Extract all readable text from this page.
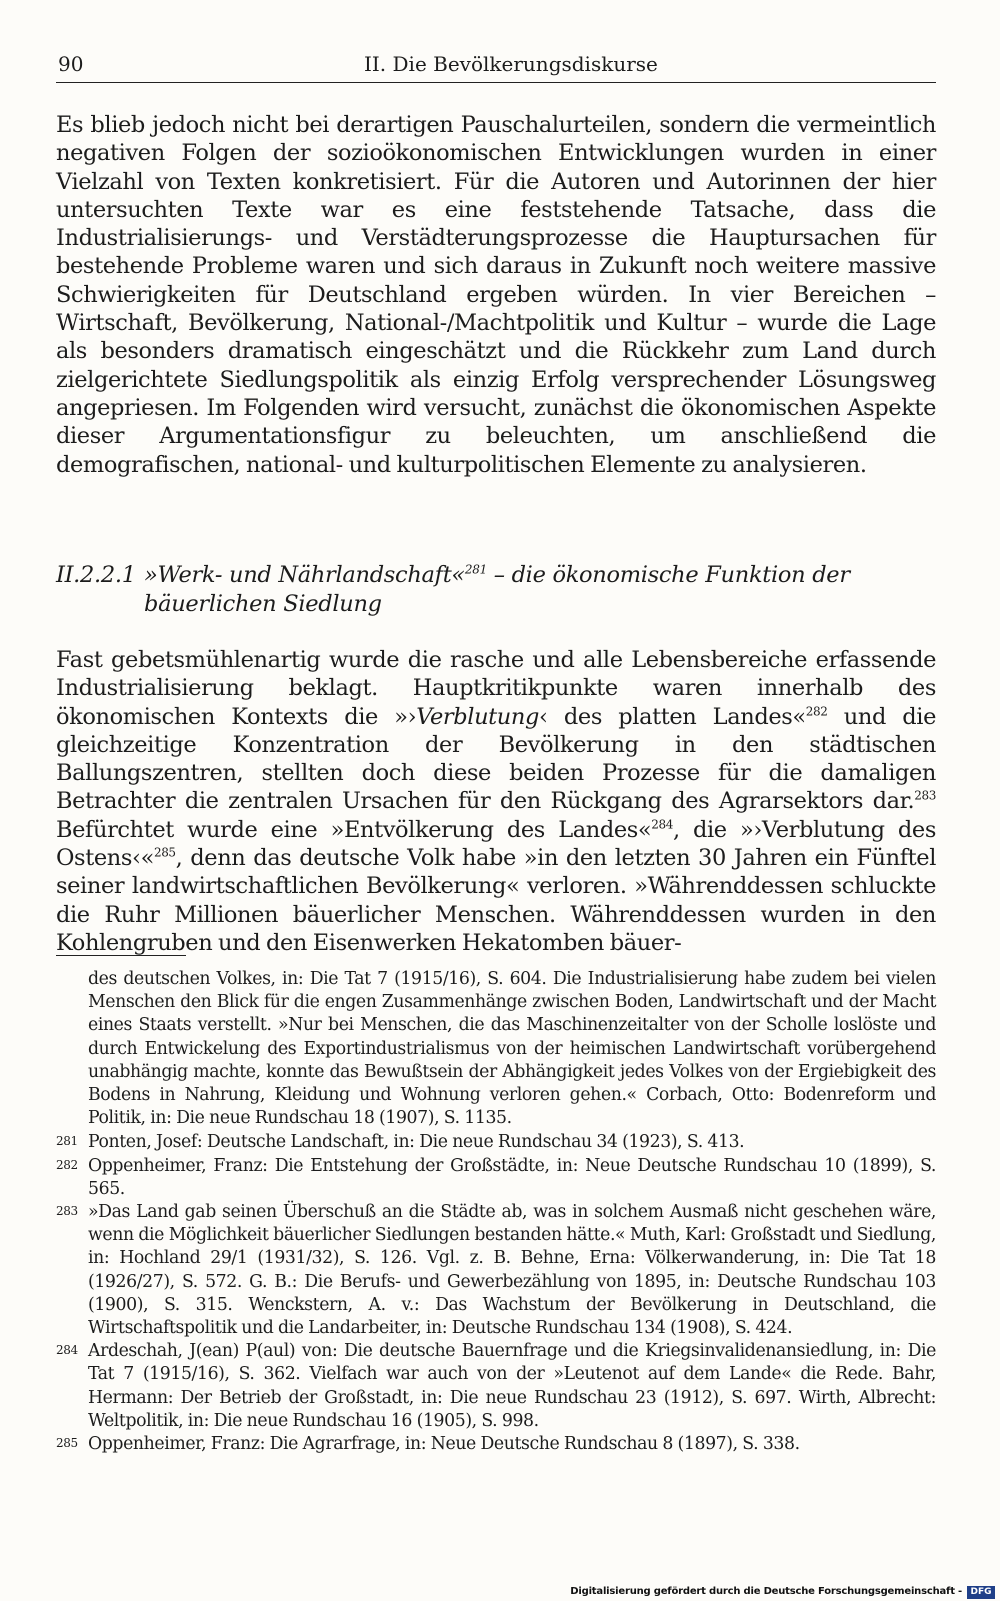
90	II. Die Bevölkerungsdiskurse

Es blieb jedoch nicht bei derartigen Pauschalurteilen, sondern die vermeintlich negativen Folgen der sozioökonomischen Entwicklungen wurden in einer Vielzahl von Texten konkretisiert. Für die Autoren und Autorinnen der hier untersuchten Texte war es eine feststehende Tatsache, dass die Industrialisierungs- und Verstädterungsprozesse die Hauptursachen für bestehende Probleme waren und sich daraus in Zukunft noch weitere massive Schwierigkeiten für Deutschland ergeben würden. In vier Bereichen – Wirtschaft, Bevölkerung, National-/Machtpolitik und Kultur – wurde die Lage als besonders dramatisch eingeschätzt und die Rückkehr zum Land durch zielgerichtete Siedlungspolitik als einzig Erfolg versprechender Lösungsweg angepriesen. Im Folgenden wird versucht, zunächst die ökonomischen Aspekte dieser Argumentationsfigur zu beleuchten, um anschließend die demografischen, national- und kulturpolitischen Elemente zu analysieren.

II.2.2.1 »Werk- und Nährlandschaft«$^{281}$ – die ökonomische Funktion der bäuerlichen Siedlung

Fast gebetsmühlenartig wurde die rasche und alle Lebensbereiche erfassende Industrialisierung beklagt. Hauptkritikpunkte waren innerhalb des ökonomischen Kontexts die »›Verblutung‹ des platten Landes«$^{282}$ und die gleichzeitige Konzentration der Bevölkerung in den städtischen Ballungszentren, stellten doch diese beiden Prozesse für die damaligen Betrachter die zentralen Ursachen für den Rückgang des Agrarsektors dar.$^{283}$ Befürchtet wurde eine »Entvölkerung des Landes«$^{284}$, die »›Verblutung des Ostens‹«$^{285}$, denn das deutsche Volk habe »in den letzten 30 Jahren ein Fünftel seiner landwirtschaftlichen Bevölkerung« verloren. »Währenddessen schluckte die Ruhr Millionen bäuerlicher Menschen. Währenddessen wurden in den Kohlengruben und den Eisenwerken Hekatomben bäuer-

des deutschen Volkes, in: Die Tat 7 (1915/16), S. 604. Die Industrialisierung habe zudem bei vielen Menschen den Blick für die engen Zusammenhänge zwischen Boden, Landwirtschaft und der Macht eines Staats verstellt. »Nur bei Menschen, die das Maschinenzeitalter von der Scholle loslöste und durch Entwickelung des Exportindustrialismus von der heimischen Landwirtschaft vorübergehend unabhängig machte, konnte das Bewußtsein der Abhängigkeit jedes Volkes von der Ergiebigkeit des Bodens in Nahrung, Kleidung und Wohnung verloren gehen.« Corbach, Otto: Bodenreform und Politik, in: Die neue Rundschau 18 (1907), S. 1135.
281 Ponten, Josef: Deutsche Landschaft, in: Die neue Rundschau 34 (1923), S. 413.
282 Oppenheimer, Franz: Die Entstehung der Großstädte, in: Neue Deutsche Rundschau 10 (1899), S. 565.
283 »Das Land gab seinen Überschuß an die Städte ab, was in solchem Ausmaß nicht geschehen wäre, wenn die Möglichkeit bäuerlicher Siedlungen bestanden hätte.« Muth, Karl: Großstadt und Siedlung, in: Hochland 29/1 (1931/32), S. 126. Vgl. z. B. Behne, Erna: Völkerwanderung, in: Die Tat 18 (1926/27), S. 572. G. B.: Die Berufs- und Gewerbezählung von 1895, in: Deutsche Rundschau 103 (1900), S. 315. Wenckstern, A. v.: Das Wachstum der Bevölkerung in Deutschland, die Wirtschaftspolitik und die Landarbeiter, in: Deutsche Rundschau 134 (1908), S. 424.
284 Ardeschah, J(ean) P(aul) von: Die deutsche Bauernfrage und die Kriegsinvalidenansiedlung, in: Die Tat 7 (1915/16), S. 362. Vielfach war auch von der »Leutenot auf dem Lande« die Rede. Bahr, Hermann: Der Betrieb der Großstadt, in: Die neue Rundschau 23 (1912), S. 697. Wirth, Albrecht: Weltpolitik, in: Die neue Rundschau 16 (1905), S. 998.
285 Oppenheimer, Franz: Die Agrarfrage, in: Neue Deutsche Rundschau 8 (1897), S. 338.
Digitalisierung gefördert durch die Deutsche Forschungsgemeinschaft - DFG
